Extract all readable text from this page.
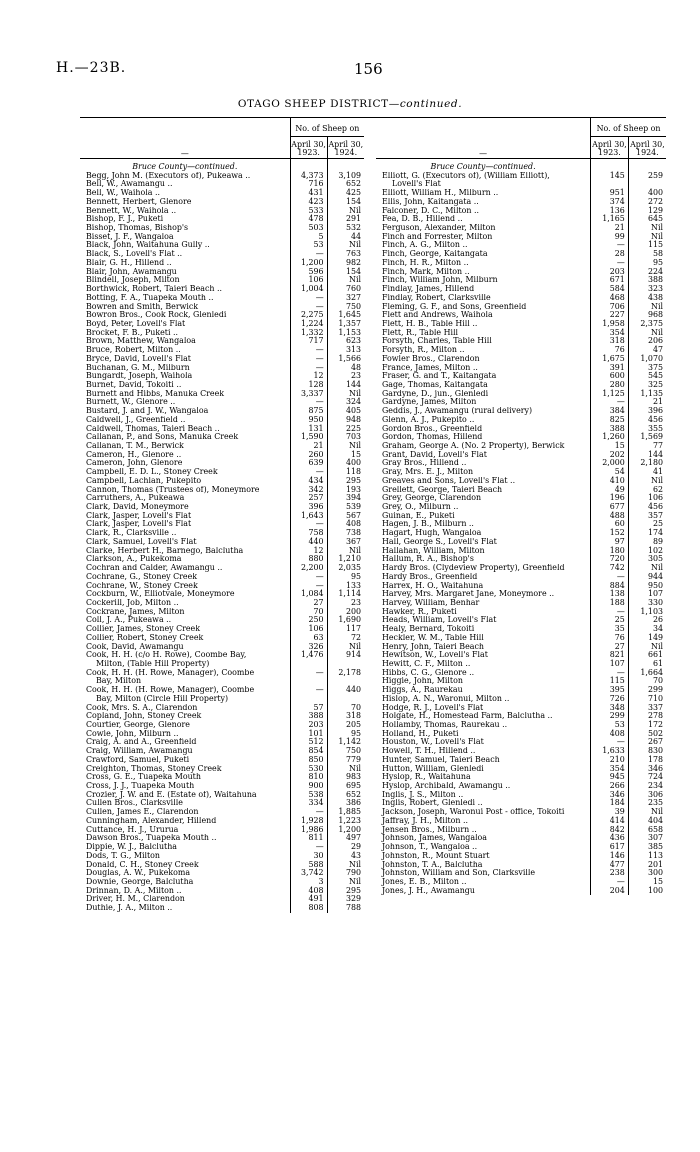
H.—23B.	156
OTAGO SHEEP DISTRICT—continued.
—	No. of Sheep on	
	April 30, 1923.	April 30, 1924.
Bruce County—continued.		
Begg, John M. (Executors of), Pukeawa ..	4,373	3,109
Bell, W., Awamangu ..	716	652
Bell, W., Waihola ..	431	425
Bennett, Herbert, Glenore	423	154
Bennett, W., Waihola ..	533	Nil
Bishop, F. J., Puketi	478	291
Bishop, Thomas, Bishop's	503	532
Bisset, J. F., Wangaloa	5	44
Black, John, Waitahuna Gully ..	53	Nil
Black, S., Lovell's Flat ..	—	763
Blair, G. H., Hillend ..	1,200	982
Blair, John, Awamangu	596	154
Blindell, Joseph, Milton	106	Nil
Borthwick, Robert, Taieri Beach ..	1,004	760
Botting, F. A., Tuapeka Mouth ..	—	327
Bowren and Smith, Berwick	—	750
Bowron Bros., Cook Rock, Glenledi	2,275	1,645
Boyd, Peter, Lovell's Flat	1,224	1,357
Brocket, F. B., Puketi ..	1,332	1,153
Brown, Matthew, Wangaloa	717	623
Bruce, Robert, Milton ..	—	313
Bryce, David, Lovell's Flat	—	1,566
Buchanan, G. M., Milburn	—	48
Bungardt, Joseph, Waihola	12	23
Burnet, David, Tokoiti ..	128	144
Burnett and Hibbs, Manuka Creek	3,337	Nil
Burnett, W., Glenore ..	—	324
Bustard, J. and J. W., Wangaloa	875	405
Caldwell, J., Greenfield ..	950	948
Caldwell, Thomas, Taieri Beach ..	131	225
Callanan, P., and Sons, Manuka Creek	1,590	703
Callanan, T. M., Berwick	21	Nil
Cameron, H., Glenore ..	260	15
Cameron, John, Glenore	639	400
Campbell, E. D. L., Stoney Creek	—	118
Campbell, Lachlan, Pukepito	434	295
Cannon, Thomas (Trustees of), Moneymore	342	193
Carruthers, A., Pukeawa	257	394
Clark, David, Moneymore	396	539
Clark, Jasper, Lovell's Flat	1,643	567
Clark, Jasper, Lovell's Flat	—	408
Clark, R., Clarksville ..	758	738
Clark, Samuel, Lovell's Flat	440	367
Clarke, Herbert H., Barnego, Balclutha	12	Nil
Clarkson, A., Pukekoma	880	1,210
Cochran and Calder, Awamangu ..	2,200	2,035
Cochrane, G., Stoney Creek	—	95
Cochrane, W., Stoney Creek	—	133
Cockburn, W., Elliotvale, Moneymore	1,084	1,114
Cockerill, Job, Milton ..	27	23
Cockrane, James, Milton	70	200
Coll, J. A., Pukeawa ..	250	1,690
Collier, James, Stoney Creek	106	117
Collier, Robert, Stoney Creek	63	72
Cook, David, Awamangu	326	Nil
Cook, H. H. (c/o H. Rowe), Coombe Bay,	1,476	914
Milton, (Table Hill Property)		
Cook, H. H. (H. Rowe, Manager), Coombe	—	2,178
Bay, Milton		
Cook, H. H. (H. Rowe, Manager), Coombe	—	440
Bay, Milton (Circle Hill Property)		
Cook, Mrs. S. A., Clarendon	57	70
Copland, John, Stoney Creek	388	318
Courtier, George, Glenore	203	205
Cowie, John, Milburn ..	101	95
Craig, A. and A., Greenfield	512	1,142
Craig, William, Awamangu	854	750
Crawford, Samuel, Puketi	850	779
Creighton, Thomas, Stoney Creek	530	Nil
Cross, G. E., Tuapeka Mouth	810	983
Cross, J. J., Tuapeka Mouth	900	695
Crozier, J. W. and E. (Estate of), Waitahuna	538	652
Cullen Bros., Clarksville	334	386
Cullen, James E., Clarendon	—	1,885
Cunningham, Alexander, Hillend	1,928	1,223
Cuttance, H. J., Ururua	1,986	1,200
Dawson Bros., Tuapeka Mouth ..	811	497
Dippie, W. J., Balclutha	—	29
Dods, T. G., Milton	30	43
Donald, C. H., Stoney Creek	588	Nil
Douglas, A. W., Pukekoma	3,742	790
Downie, George, Balclutha	3	Nil
Drinnan, D. A., Milton ..	408	295
Driver, H. M., Clarendon	491	329
Duthie, J. A., Milton ..	808	788
—	No. of Sheep on	
	April 30, 1923.	April 30, 1924.
Bruce County—continued.		
Elliott, G. (Executors of), (William Elliott),	145	259
Lovell's Flat		
Elliott, William H., Milburn ..	951	400
Ellis, John, Kaitangata ..	374	272
Falconer, D. C., Milton ..	136	129
Fea, D. B., Hillend ..	1,165	645
Ferguson, Alexander, Milton	21	Nil
Finch and Forrester, Milton	99	Nil
Finch, A. G., Milton ..	—	115
Finch, George, Kaitangata	28	58
Finch, H. R., Milton ..	—	95
Finch, Mark, Milton ..	203	224
Finch, William John, Milburn	671	388
Findlay, James, Hillend	584	323
Findlay, Robert, Clarksville	468	438
Fleming, G. F., and Sons, Greenfield	706	Nil
Flett and Andrews, Waihola	227	968
Flett, H. B., Table Hill ..	1,958	2,375
Flett, R., Table Hill	354	Nil
Forsyth, Charles, Table Hill	318	206
Forsyth, R., Milton ..	76	47
Fowler Bros., Clarendon	1,675	1,070
France, James, Milton ..	391	375
Fraser, G. and T., Kaitangata	600	545
Gage, Thomas, Kaitangata	280	325
Gardyne, D., jun., Glenledi	1,125	1,135
Gardyne, James, Milton	—	21
Geddis, J., Awamangu (rural delivery)	384	396
Glenn, A. J., Pukepito ..	825	456
Gordon Bros., Greenfield	388	355
Gordon, Thomas, Hillend	1,260	1,569
Graham, George A. (No. 2 Property), Berwick	15	77
Grant, David, Lovell's Flat	202	144
Gray Bros., Hillend ..	2,000	2,180
Gray, Mrs. E. J., Milton	54	41
Greaves and Sons, Lovell's Flat ..	410	Nil
Grellett, George, Taieri Beach	49	62
Grey, George, Clarendon	196	106
Grey, O., Milburn ..	677	456
Guinan, E., Puketi	488	357
Hagen, J. B., Milburn ..	60	25
Hagart, Hugh, Wangaloa	152	174
Hall, George S., Lovell's Flat	97	89
Hallahan, William, Milton	180	102
Hallum, R. A., Bishop's	720	305
Hardy Bros. (Clydeview Property), Greenfield	742	Nil
Hardy Bros., Greenfield	—	944
Harrex, H. O., Waitahuna	884	950
Harvey, Mrs. Margaret Jane, Moneymore ..	138	107
Harvey, William, Benhar	188	330
Hawker, R., Puketi	—	1,103
Heads, William, Lovell's Flat	25	26
Healy, Bernard, Tokoiti	35	34
Heckler, W. M., Table Hill	76	149
Henry, John, Taieri Beach	27	Nil
Hewitson, W., Lovell's Flat	821	661
Hewitt, C. F., Milton ..	107	61
Hibbs, C. G., Glenore ..	—	1,664
Higgie, John, Milton	115	70
Higgs, A., Raurekau	395	299
Hislop, A. N., Waronui, Milton ..	726	710
Hodge, R. J., Lovell's Flat	348	337
Holgate, H., Homestead Farm, Balclutha ..	299	278
Hollamby, Thomas, Raurekau ..	53	172
Holland, H., Puketi	408	502
Houston, W., Lovell's Flat	—	267
Howell, T. H., Hillend ..	1,633	830
Hunter, Samuel, Taieri Beach	210	178
Hutton, William, Glenledi	354	346
Hyslop, R., Waitahuna	945	724
Hyslop, Archibald, Awamangu ..	266	234
Inglis, J. S., Milton ..	346	306
Inglis, Robert, Glenledi ..	184	235
Jackson, Joseph, Waronui Post - office, Tokoiti	39	Nil
Jaffray, J. H., Milton ..	414	404
Jensen Bros., Milburn ..	842	658
Johnson, James, Wangaloa	436	307
Johnson, T., Wangaloa ..	617	385
Johnston, R., Mount Stuart	146	113
Johnston, T. A., Balclutha	477	201
Johnston, William and Son, Clarksville	238	300
Jones, E. B., Milton ..	—	15
Jones, J. H., Awamangu	204	100
